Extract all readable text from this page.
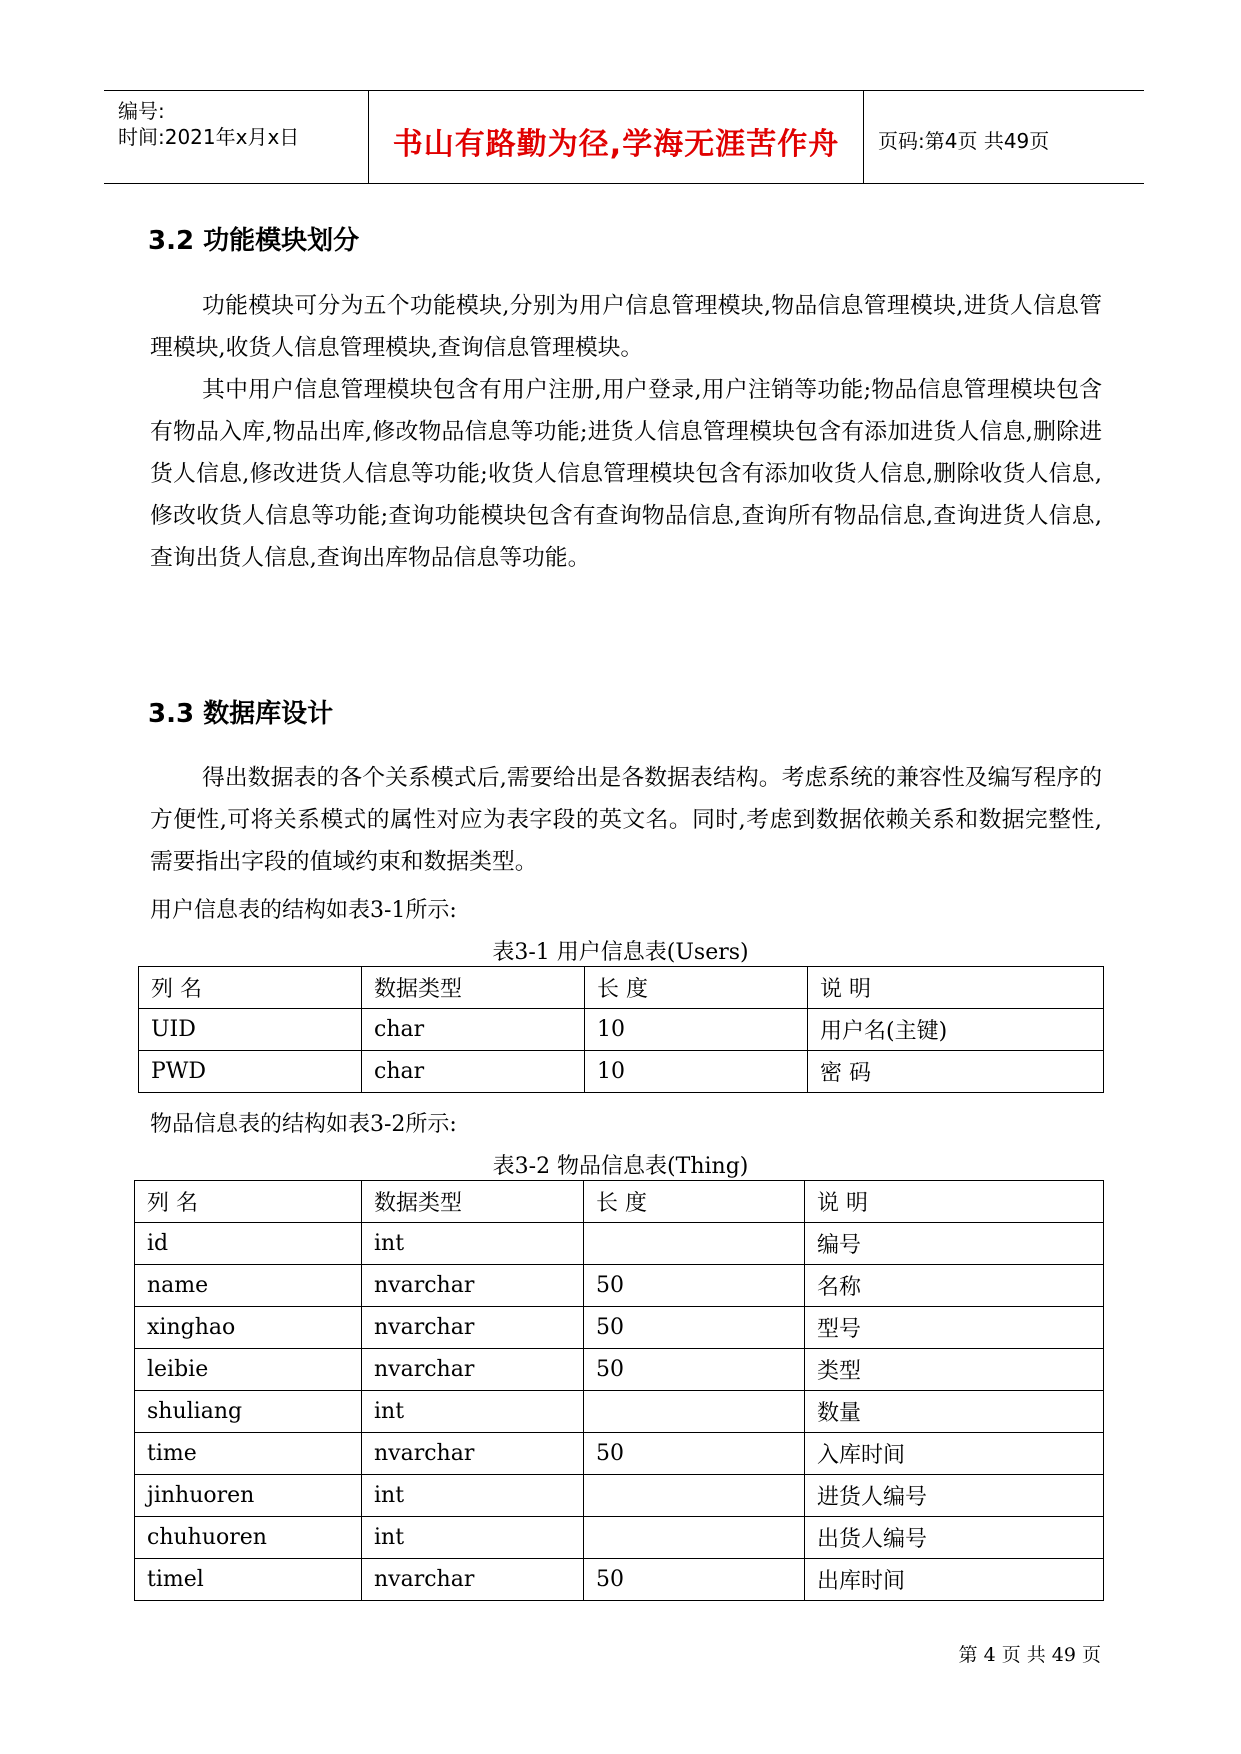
编号:
时间:2021年x月x日	书山有路勤为径,学海无涯苦作舟	页码:第4页 共49页
3.2 功能模块划分

功能模块可分为五个功能模块,分别为用户信息管理模块,物品信息管理模块,进货人信息管理模块,收货人信息管理模块,查询信息管理模块。

其中用户信息管理模块包含有用户注册,用户登录,用户注销等功能;物品信息管理模块包含有物品入库,物品出库,修改物品信息等功能;进货人信息管理模块包含有添加进货人信息,删除进货人信息,修改进货人信息等功能;收货人信息管理模块包含有添加收货人信息,删除收货人信息,修改收货人信息等功能;查询功能模块包含有查询物品信息,查询所有物品信息,查询进货人信息,查询出货人信息,查询出库物品信息等功能。

3.3 数据库设计

得出数据表的各个关系模式后,需要给出是各数据表结构。考虑系统的兼容性及编写程序的方便性,可将关系模式的属性对应为表字段的英文名。同时,考虑到数据依赖关系和数据完整性,需要指出字段的值域约束和数据类型。

用户信息表的结构如表3-1所示:
表3-1 用户信息表(Users)
列 名	数据类型	长 度	说 明
UID	char	10	用户名(主键)
PWD	char	10	密 码
物品信息表的结构如表3-2所示:
表3-2 物品信息表(Thing)
列 名	数据类型	长 度	说 明
id	int		编号
name	nvarchar	50	名称
xinghao	nvarchar	50	型号
leibie	nvarchar	50	类型
shuliang	int		数量
time	nvarchar	50	入库时间
jinhuoren	int		进货人编号
chuhuoren	int		出货人编号
timel	nvarchar	50	出库时间
第 4 页 共 49 页
